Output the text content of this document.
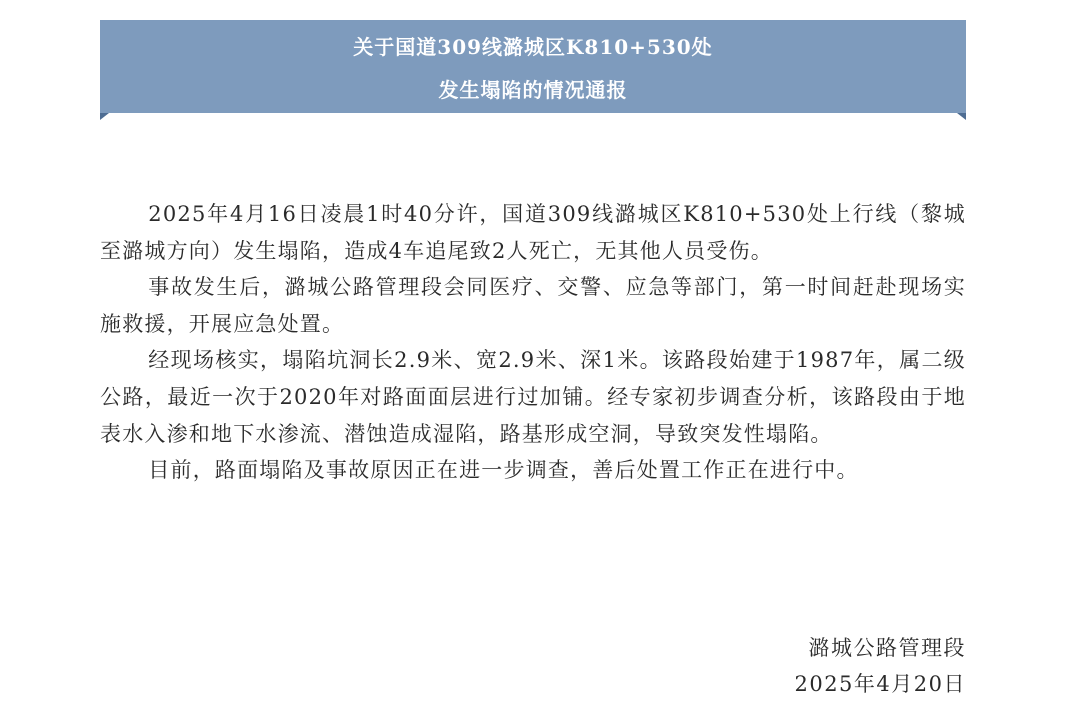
关于国道309线潞城区K810+530处
发生塌陷的情况通报

2025年4月16日凌晨1时40分许，国道309线潞城区K810+530处上行线（黎城至潞城方向）发生塌陷，造成4车追尾致2人死亡，无其他人员受伤。

事故发生后，潞城公路管理段会同医疗、交警、应急等部门，第一时间赶赴现场实施救援，开展应急处置。

经现场核实，塌陷坑洞长2.9米、宽2.9米、深1米。该路段始建于1987年，属二级公路，最近一次于2020年对路面面层进行过加铺。经专家初步调查分析，该路段由于地表水入渗和地下水渗流、潜蚀造成湿陷，路基形成空洞，导致突发性塌陷。

目前，路面塌陷及事故原因正在进一步调查，善后处置工作正在进行中。

潞城公路管理段
2025年4月20日
